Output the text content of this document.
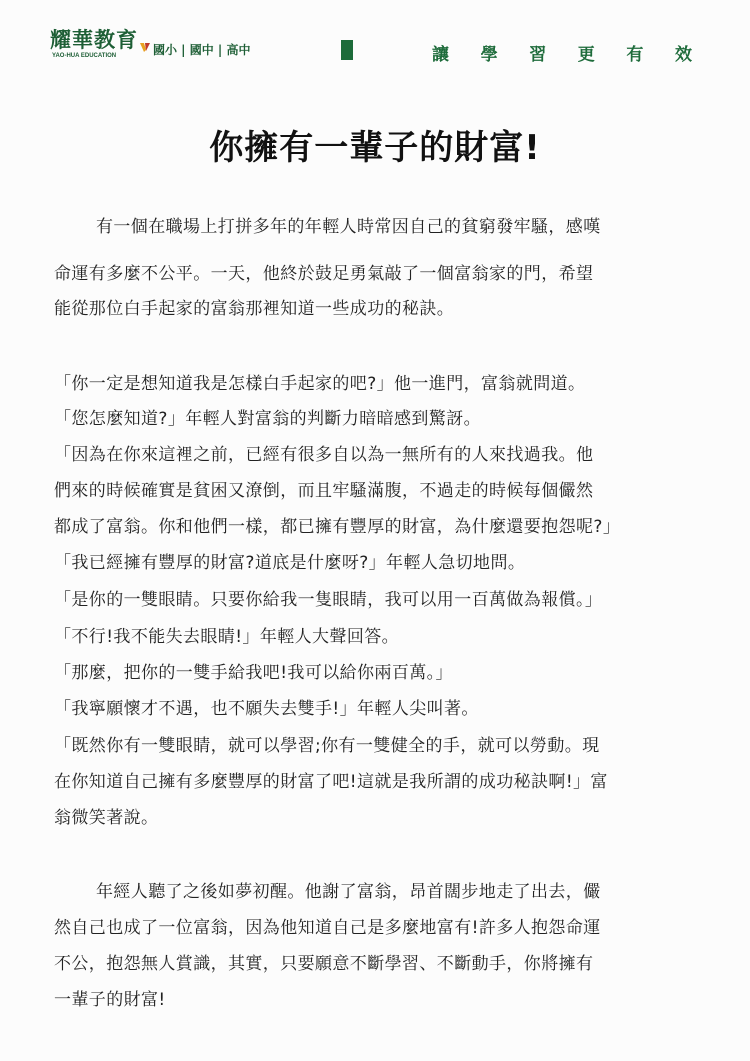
耀華教育
YAO-HUA EDUCATION	國小 | 國中 | 高中	讓 學 習 更 有 效
你擁有一輩子的財富!
有一個在職場上打拼多年的年輕人時常因自己的貧窮發牢騷，感嘆
命運有多麼不公平。一天，他終於鼓足勇氣敲了一個富翁家的門，希望
能從那位白手起家的富翁那裡知道一些成功的秘訣。
「你一定是想知道我是怎樣白手起家的吧?」他一進門，富翁就問道。
「您怎麼知道?」年輕人對富翁的判斷力暗暗感到驚訝。
「因為在你來這裡之前，已經有很多自以為一無所有的人來找過我。他
們來的時候確實是貧困又潦倒，而且牢騷滿腹，不過走的時候每個儼然
都成了富翁。你和他們一樣，都已擁有豐厚的財富，為什麼還要抱怨呢?」
「我已經擁有豐厚的財富?道底是什麼呀?」年輕人急切地問。
「是你的一雙眼睛。只要你給我一隻眼睛，我可以用一百萬做為報償。」
「不行!我不能失去眼睛!」年輕人大聲回答。
「那麼，把你的一雙手給我吧!我可以給你兩百萬。」
「我寧願懷才不遇，也不願失去雙手!」年輕人尖叫著。
「既然你有一雙眼睛，就可以學習;你有一雙健全的手，就可以勞動。現
在你知道自己擁有多麼豐厚的財富了吧!這就是我所謂的成功秘訣啊!」富
翁微笑著說。
年經人聽了之後如夢初醒。他謝了富翁，昂首闊步地走了出去，儼
然自己也成了一位富翁，因為他知道自己是多麼地富有!許多人抱怨命運
不公，抱怨無人賞識，其實，只要願意不斷學習、不斷動手，你將擁有
一輩子的財富!
